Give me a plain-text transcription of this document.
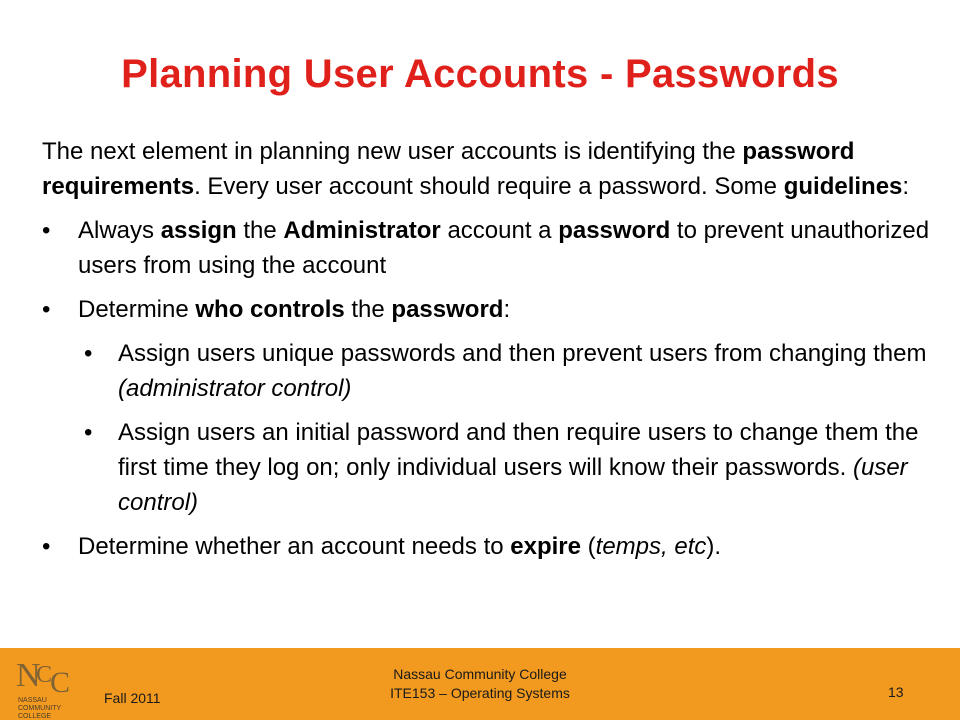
Planning User Accounts - Passwords

The next element in planning new user accounts is identifying the password requirements. Every user account should require a password. Some guidelines:

• Always assign the Administrator account a password to prevent unauthorized users from using the account
• Determine who controls the password:
• Assign users unique passwords and then prevent users from changing them (administrator control)
• Assign users an initial password and then require users to change them the first time they log on; only individual users will know their passwords. (user control)
• Determine whether an account needs to expire (temps, etc).
N
C
C
NASSAU
COMMUNITY
COLLEGE
Fall 2011
Nassau Community College
ITE153 – Operating Systems	13
